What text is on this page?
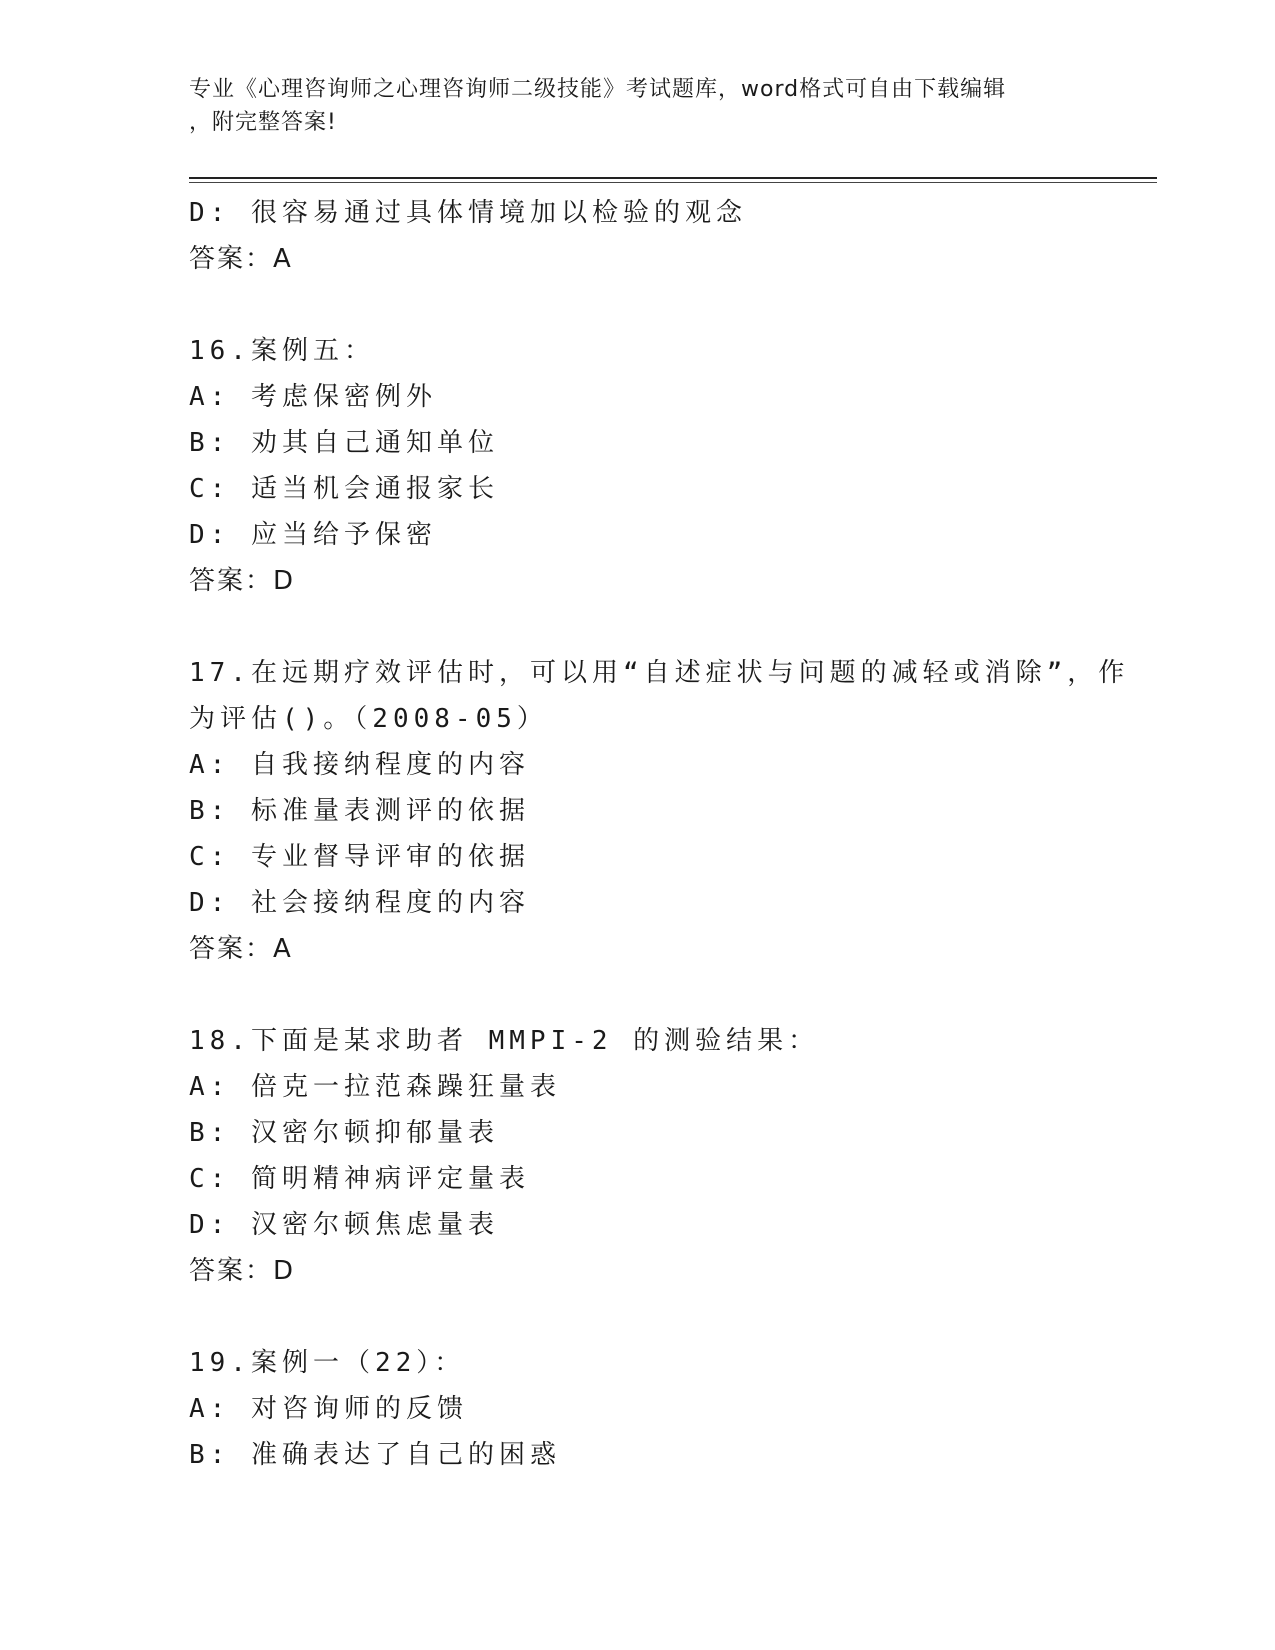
专业《心理咨询师之心理咨询师二级技能》考试题库，word格式可自由下载编辑
，附完整答案!
D: 很容易通过具体情境加以检验的观念
答案：A
16.案例五：
A: 考虑保密例外
B: 劝其自己通知单位
C: 适当机会通报家长
D: 应当给予保密
答案：D
17.在远期疗效评估时，可以用“自述症状与问题的减轻或消除”，作
为评估()。（2008-05）
A: 自我接纳程度的内容
B: 标准量表测评的依据
C: 专业督导评审的依据
D: 社会接纳程度的内容
答案：A
18.下面是某求助者 MMPI-2 的测验结果：
A: 倍克一拉范森躁狂量表
B: 汉密尔顿抑郁量表
C: 简明精神病评定量表
D: 汉密尔顿焦虑量表
答案：D
19.案例一（22）：
A: 对咨询师的反馈
B: 准确表达了自己的困惑
